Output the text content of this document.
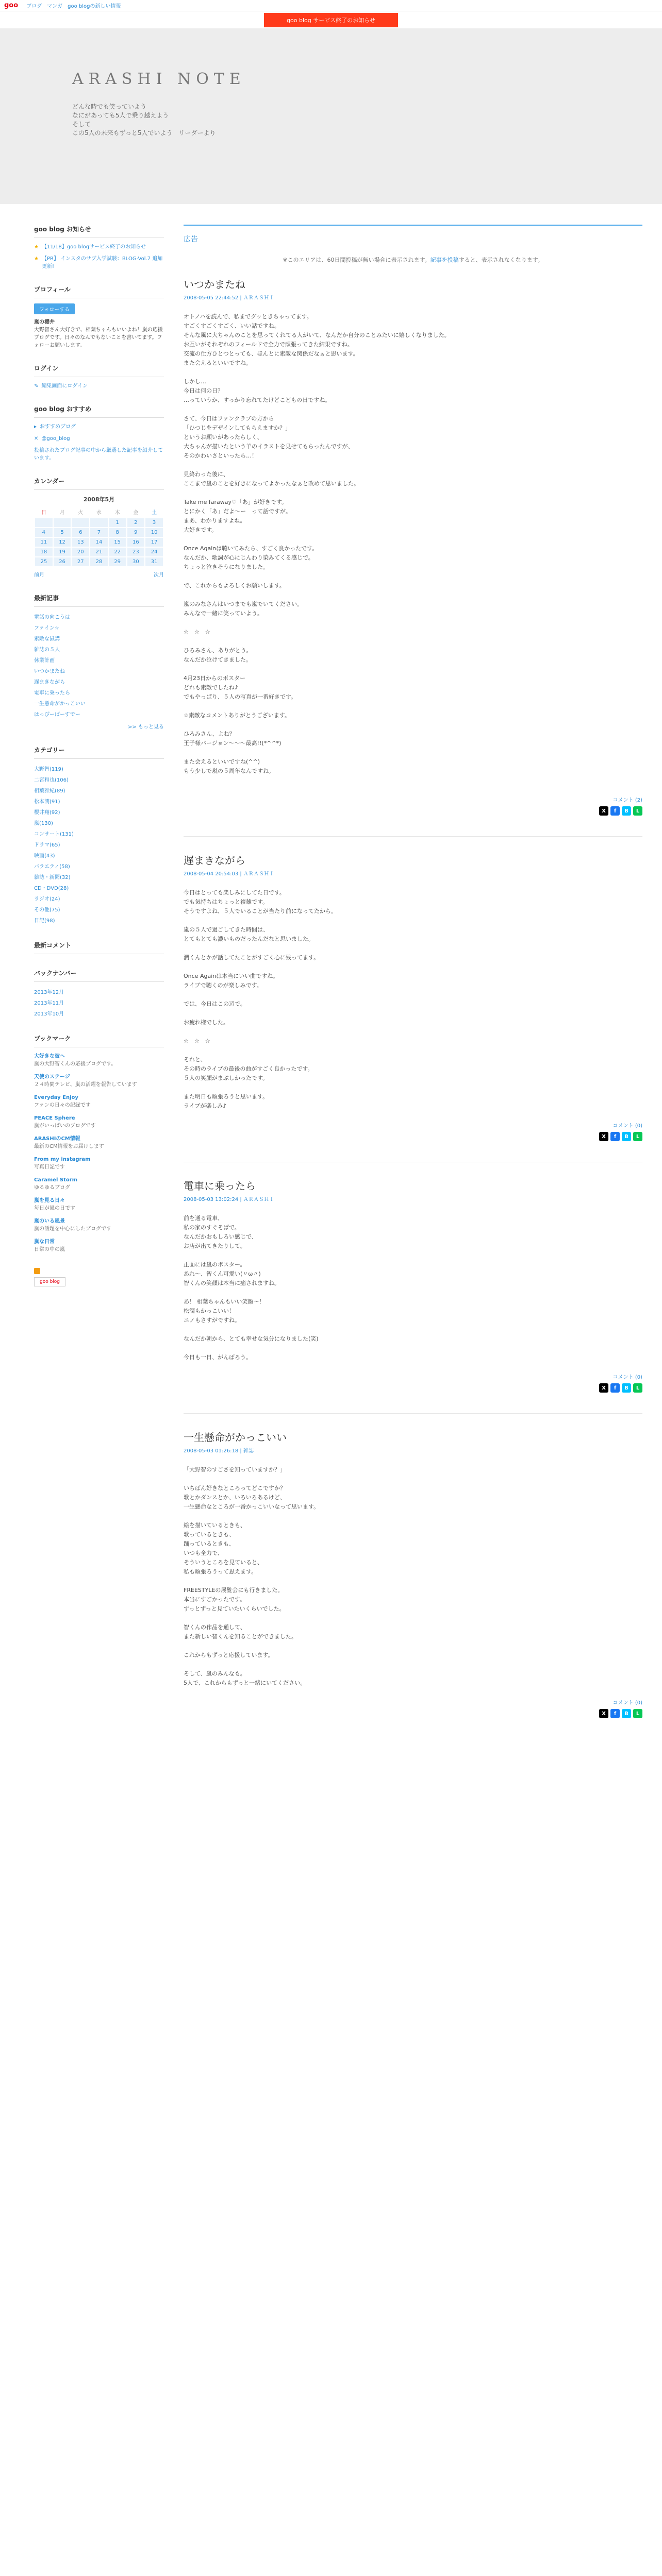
goo ブログ マンガ goo blogの新しい情報
goo blog サービス終了のお知らせ
ARASHI NOTE
どんな時でも笑っていよう
なにがあっても5人で乗り越えよう
そして
この5人の未来もずっと5人でいよう　リーダーより
goo blog お知らせ
★ 【11/18】goo blogサービス終了のお知らせ
★ 【PR】 インスタのサブ入学試験：BLOG-Vol.7 追加更新!
プロフィール
フォローする
嵐の櫻井
大野智さん大好きで、相葉ちゃんもいいよね！嵐の応援ブログです。日々のなんでもないことを書いてます。フォローお願いします。
ログイン
✎ 編集画面にログイン
goo blog おすすめ
▸ おすすめブログ
✕ @goo_blog
投稿されたブログ記事の中から厳選した記事を紹介しています。
カレンダー
2008年5月
日	月	火	水	木	金	土
				1	2	3
4	5	6	7	8	9	10
11	12	13	14	15	16	17
18	19	20	21	22	23	24
25	26	27	28	29	30	31
前月	次月
最新記事
電話の向こうは
ファイン☆
素敵な鼠講
雑誌の５人
休業計画
いつかまたね
遅まきながら
電車に乗ったら
一生懸命がかっこいい
はっぴーばーすでー
>> もっと見る
カテゴリー
大野智(119)
二宮和也(106)
相葉雅紀(89)
松本潤(91)
櫻井翔(92)
嵐(130)
コンサート(131)
ドラマ(65)
映画(43)
バラエティ(58)
雑誌・新聞(32)
CD・DVD(28)
ラジオ(24)
その他(75)
日記(98)
最新コメント
バックナンバー
2013年12月
2013年11月
2013年10月
ブックマーク
大好きな彼へ
嵐の大野智くんの応援ブログです。
天使のステージ
２４時間テレビ、嵐の活躍を報告しています
Everyday Enjoy
ファンの日々の記録です
PEACE Sphere
嵐がいっぱいのブログです
ARASHIのCM情報
最新のCM情報をお届けします
From my instagram
写真日記です
Caramel Storm
ゆるゆるブログ
嵐を見る日々
毎日が嵐の日です
嵐のいる風景
嵐の話題を中心にしたブログです
嵐な日常
日常の中の嵐
goo blog
広告
※このエリアは、60日間投稿が無い場合に表示されます。記事を投稿すると、表示されなくなります。
いつかまたね
2008-05-05 22:44:52 | ＡＲＡＳＨＩ
オトノハを読んで、私までグッときちゃってます。
すごくすごくすごく、いい話ですね。
そんな風に大ちゃんのことを思ってくれてる人がいて、なんだか自分のことみたいに嬉しくなりました。
お互いがそれぞれのフィールドで全力で頑張ってきた結果ですね。
交流の仕方ひとつとっても、ほんとに素敵な関係だなぁと思います。
また会えるといいですね。

しかし…
今日は何の日？
…っていうか、すっかり忘れてたけどこどもの日ですね。

さて、今日はファンクラブの方から
「ひつじをデザインしてもらえますか？」
というお願いがあったらしく、
大ちゃんが描いたという羊のイラストを見せてもらったんですが、
そのかわいさといったら…！

見終わった後に、
ここまで嵐のことを好きになってよかったなぁと改めて思いました。

Take me faraway♡「あ」が好きです。
とにかく「あ」だよ〜ー　って話ですが。
まあ、わかりますよね。
大好きです。

Once Againは聴いてみたら、すごく良かったです。
なんだか、歌詞が心にじんわり染みてくる感じで。
ちょっと泣きそうになりました。

で、これからもよろしくお願いします。

嵐のみなさんはいつまでも嵐でいてください。
みんなで一緒に笑っていよう。

☆　☆　☆

ひろみさん、ありがとう。
なんだか泣けてきました。

4月23日からのポスター
どれも素敵でしたね♪
でもやっぱり、５人の写真が一番好きです。

☆素敵なコメントありがとうございます。

ひろみさん、よね？
王子様バージョン〜〜〜最高!!(*^^*)

また会えるといいですね(^^)
もう少しで嵐の５周年なんですね。

コメント (2)
X	f	B	L
遅まきながら
2008-05-04 20:54:03 | ＡＲＡＳＨＩ
今日はとっても楽しみにしてた日です。
でも気持ちはちょっと複雑です。
そうですよね、５人でいることが当たり前になってたから。

嵐の５人で過ごしてきた時間は、
とてもとても濃いものだったんだなと思いました。

潤くんとかが話してたことがすごく心に残ってます。

Once Againは本当にいい曲ですね。
ライブで聴くのが楽しみです。

では、今日はこの辺で。

お疲れ様でした。

☆　☆　☆

それと、
その時のライブの最後の曲がすごく良かったです。
５人の笑顔がまぶしかったです。

また明日も頑張ろうと思います。
ライブが楽しみ♪
コメント (0)
X	f	B	L
電車に乗ったら
2008-05-03 13:02:24 | ＡＲＡＳＨＩ
前を通る電車、
私の家のすぐそばで。
なんだかおもしろい感じで、
お店が出てきたりして。

正面には嵐のポスター。
あれ～、智くん可愛い(〃ω〃)
智くんの笑顔は本当に癒されますね。

あ！ 相葉ちゃんもいい笑顔～！
松潤もかっこいい！
ニノもさすがですね。

なんだか朝から、とても幸せな気分になりました(笑)

今日も一日、がんばろう。
コメント (0)
X	f	B	L
一生懸命がかっこいい
2008-05-03 01:26:18 | 雑誌
「大野智のすごさを知っていますか？」

いちばん好きなところってどこですか？
歌とかダンスとか、いろいろあるけど、
一生懸命なところが一番かっこいいなって思います。

絵を描いているときも、
歌っているときも、
踊っているときも、
いつも全力で、
そういうところを見ていると、
私も頑張ろうって思えます。

FREESTYLEの展覧会にも行きました。
本当にすごかったです。
ずっとずっと見ていたいくらいでした。

智くんの作品を通して、
また新しい智くんを知ることができました。

これからもずっと応援しています。

そして、嵐のみんなも。
5人で、これからもずっと一緒にいてください。
コメント (0)
X	f	B	L
